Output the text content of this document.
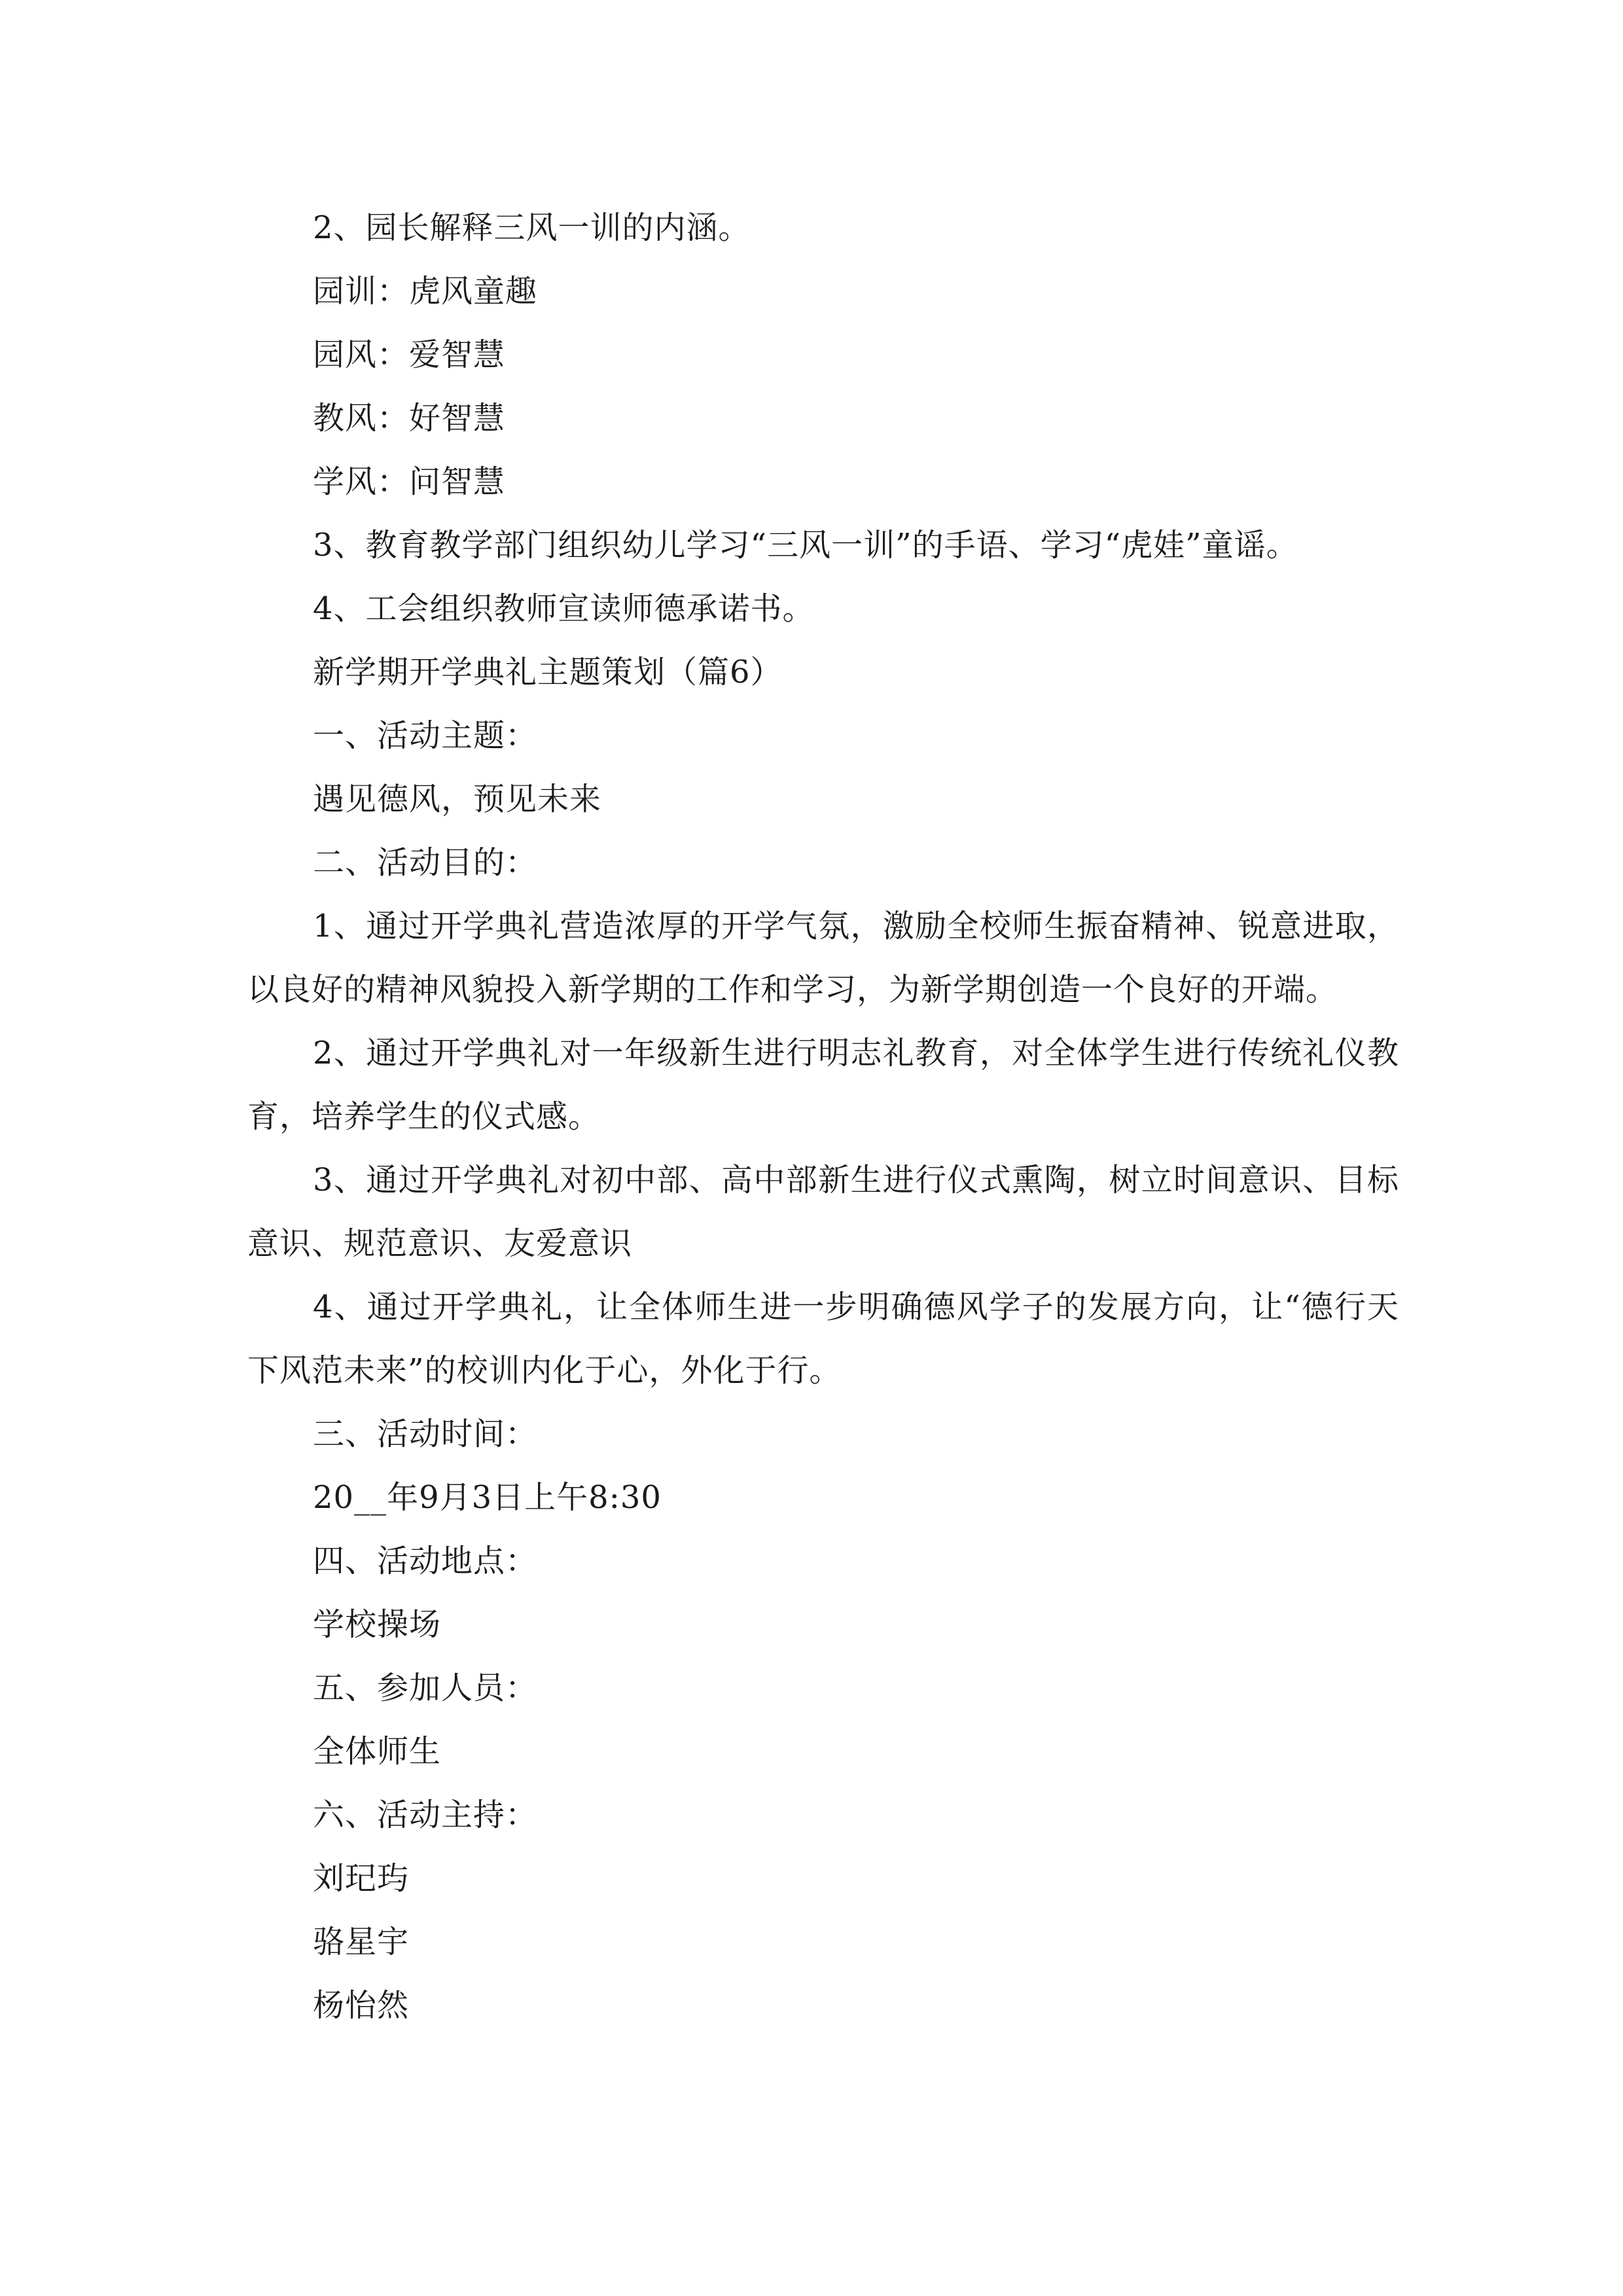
2、园长解释三风一训的内涵。

园训：虎风童趣

园风：爱智慧

教风：好智慧

学风：问智慧

3、教育教学部门组织幼儿学习“三风一训”的手语、学习“虎娃”童谣。

4、工会组织教师宣读师德承诺书。

新学期开学典礼主题策划（篇6）

一、活动主题：

遇见德风，预见未来

二、活动目的：

1、通过开学典礼营造浓厚的开学气氛，激励全校师生振奋精神、锐意进取，以良好的精神风貌投入新学期的工作和学习，为新学期创造一个良好的开端。

2、通过开学典礼对一年级新生进行明志礼教育，对全体学生进行传统礼仪教育，培养学生的仪式感。

3、通过开学典礼对初中部、高中部新生进行仪式熏陶，树立时间意识、目标意识、规范意识、友爱意识

4、通过开学典礼，让全体师生进一步明确德风学子的发展方向，让“德行天下风范未来”的校训内化于心，外化于行。

三、活动时间：

20__年9月3日上午8:30

四、活动地点：

学校操场

五、参加人员：

全体师生

六、活动主持：

刘玘玙

骆星宇

杨怡然
